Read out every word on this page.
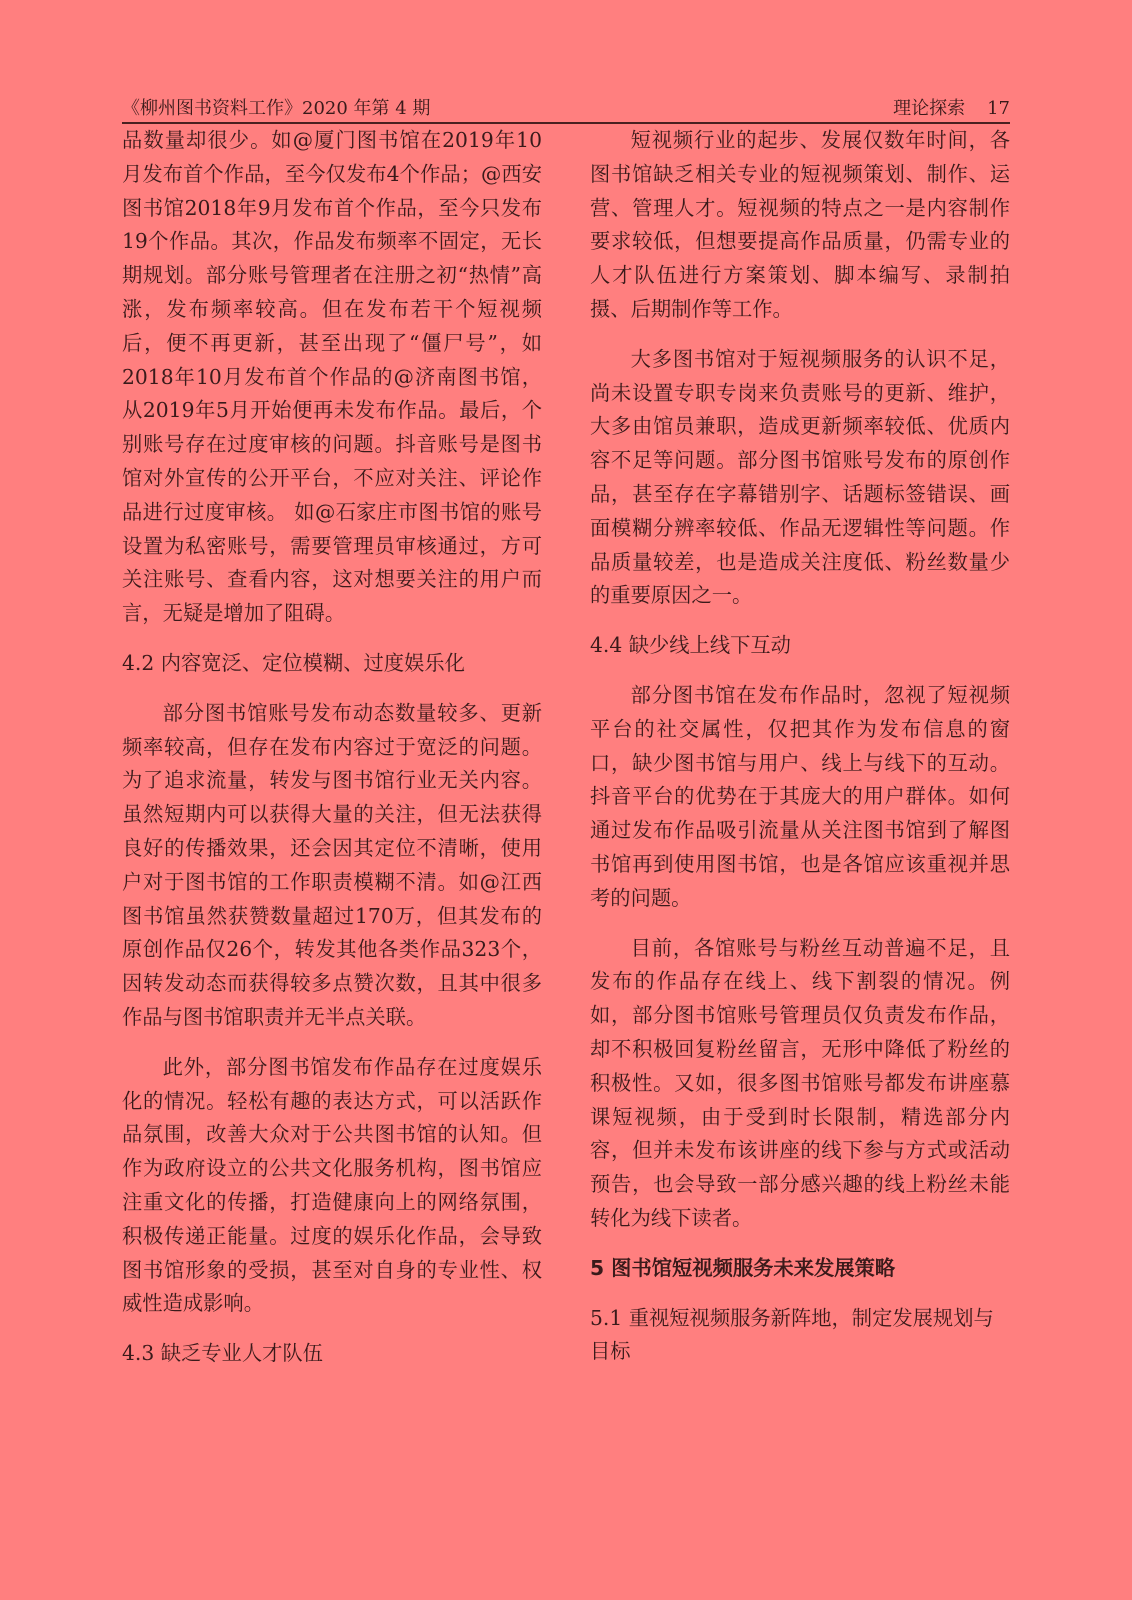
《柳州图书资料工作》2020 年第 4 期	理论探索 17

品数量却很少。如@厦门图书馆在2019年10月发布首个作品，至今仅发布4个作品；@西安图书馆2018年9月发布首个作品，至今只发布19个作品。其次，作品发布频率不固定，无长期规划。部分账号管理者在注册之初“热情”高涨，发布频率较高。但在发布若干个短视频后，便不再更新，甚至出现了“僵尸号”，如2018年10月发布首个作品的@济南图书馆，从2019年5月开始便再未发布作品。最后，个别账号存在过度审核的问题。抖音账号是图书馆对外宣传的公开平台，不应对关注、评论作品进行过度审核。 如@石家庄市图书馆的账号设置为私密账号，需要管理员审核通过，方可关注账号、查看内容，这对想要关注的用户而言，无疑是增加了阻碍。

4.2 内容宽泛、定位模糊、过度娱乐化

部分图书馆账号发布动态数量较多、更新频率较高，但存在发布内容过于宽泛的问题。为了追求流量，转发与图书馆行业无关内容。虽然短期内可以获得大量的关注，但无法获得良好的传播效果，还会因其定位不清晰，使用户对于图书馆的工作职责模糊不清。如@江西图书馆虽然获赞数量超过170万，但其发布的原创作品仅26个，转发其他各类作品323个，因转发动态而获得较多点赞次数，且其中很多作品与图书馆职责并无半点关联。

此外，部分图书馆发布作品存在过度娱乐化的情况。轻松有趣的表达方式，可以活跃作品氛围，改善大众对于公共图书馆的认知。但作为政府设立的公共文化服务机构，图书馆应注重文化的传播，打造健康向上的网络氛围，积极传递正能量。过度的娱乐化作品，会导致图书馆形象的受损，甚至对自身的专业性、权威性造成影响。

4.3 缺乏专业人才队伍

短视频行业的起步、发展仅数年时间，各图书馆缺乏相关专业的短视频策划、制作、运营、管理人才。短视频的特点之一是内容制作要求较低，但想要提高作品质量，仍需专业的人才队伍进行方案策划、脚本编写、录制拍摄、后期制作等工作。

大多图书馆对于短视频服务的认识不足，尚未设置专职专岗来负责账号的更新、维护，大多由馆员兼职，造成更新频率较低、优质内容不足等问题。部分图书馆账号发布的原创作品，甚至存在字幕错别字、话题标签错误、画面模糊分辨率较低、作品无逻辑性等问题。作品质量较差，也是造成关注度低、粉丝数量少的重要原因之一。

4.4 缺少线上线下互动

部分图书馆在发布作品时，忽视了短视频平台的社交属性，仅把其作为发布信息的窗口，缺少图书馆与用户、线上与线下的互动。抖音平台的优势在于其庞大的用户群体。如何通过发布作品吸引流量从关注图书馆到了解图书馆再到使用图书馆，也是各馆应该重视并思考的问题。

目前，各馆账号与粉丝互动普遍不足，且发布的作品存在线上、线下割裂的情况。例如，部分图书馆账号管理员仅负责发布作品，却不积极回复粉丝留言，无形中降低了粉丝的积极性。又如，很多图书馆账号都发布讲座慕课短视频，由于受到时长限制，精选部分内容，但并未发布该讲座的线下参与方式或活动预告，也会导致一部分感兴趣的线上粉丝未能转化为线下读者。

5 图书馆短视频服务未来发展策略
5.1 重视短视频服务新阵地，制定发展规划与目标
